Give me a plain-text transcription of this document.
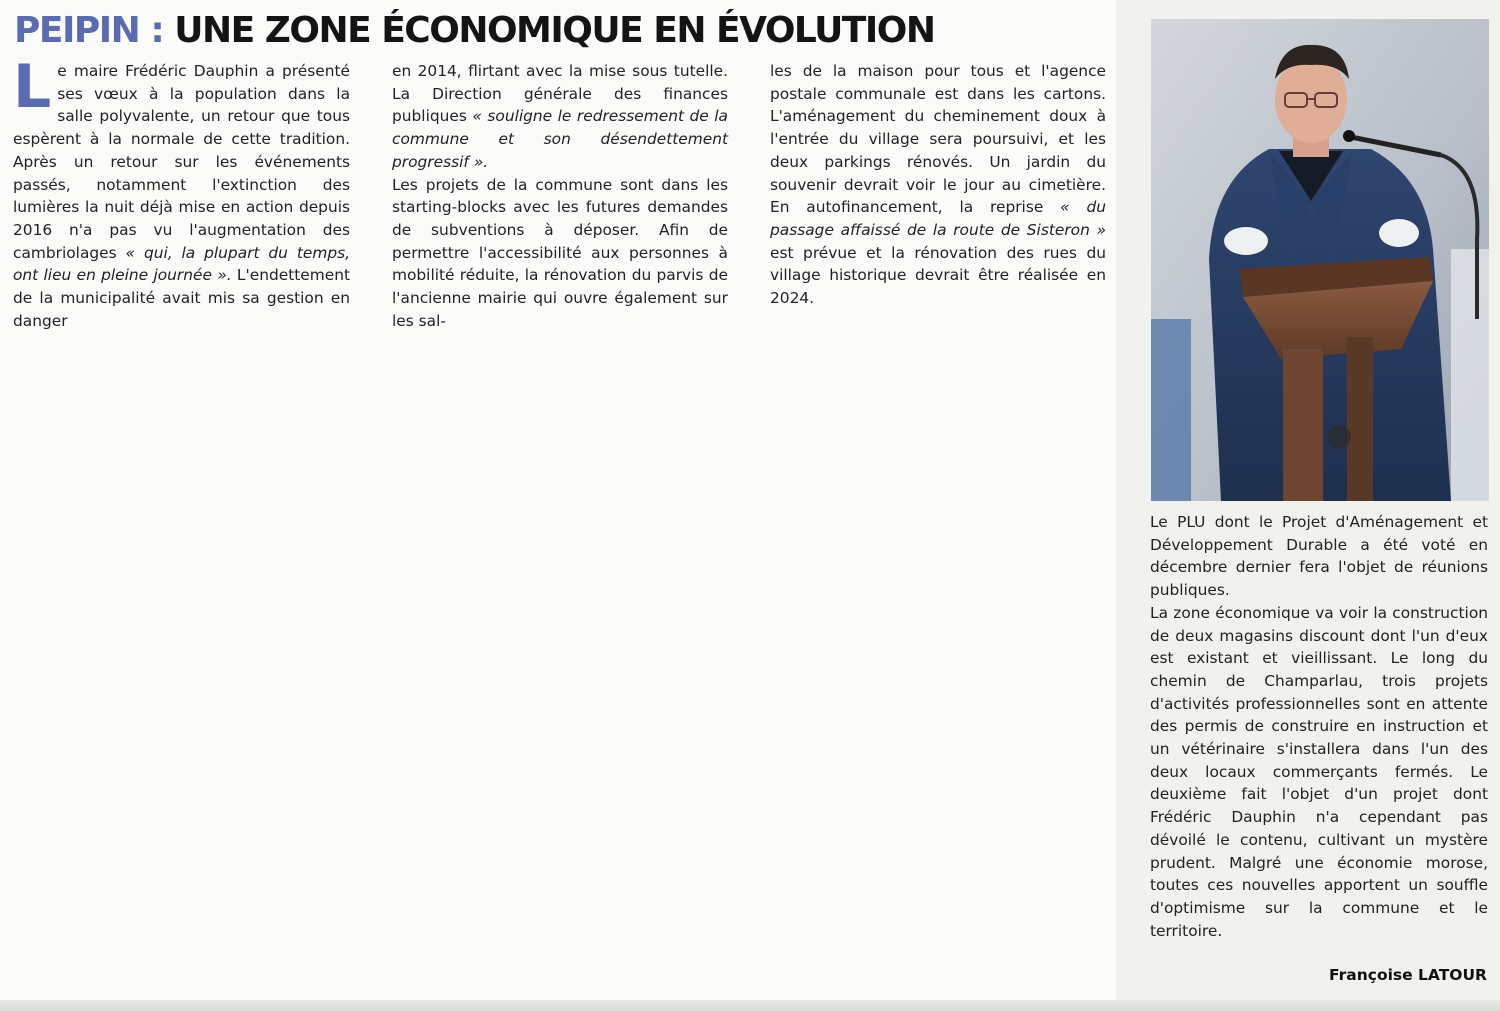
PEIPIN : UNE ZONE ÉCONOMIQUE EN ÉVOLUTION

Le maire Frédéric Dauphin a présenté ses vœux à la population dans la salle polyvalente, un retour que tous espèrent à la normale de cette tradition. Après un retour sur les événements passés, notamment l'extinction des lumières la nuit déjà mise en action depuis 2016 n'a pas vu l'augmentation des cambriolages « qui, la plupart du temps, ont lieu en pleine journée ». L'endettement de la municipalité avait mis sa gestion en danger

en 2014, flirtant avec la mise sous tutelle. La Direction générale des finances publiques « souligne le redressement de la commune et son désendettement progressif ».

Les projets de la commune sont dans les starting-blocks avec les futures demandes de subventions à déposer. Afin de permettre l'accessibilité aux personnes à mobilité réduite, la rénovation du parvis de l'ancienne mairie qui ouvre également sur les sal-

les de la maison pour tous et l'agence postale communale est dans les cartons. L'aménagement du cheminement doux à l'entrée du village sera poursuivi, et les deux parkings rénovés. Un jardin du souvenir devrait voir le jour au cimetière. En autofinancement, la reprise « du passage affaissé de la route de Sisteron » est prévue et la rénovation des rues du village historique devrait être réalisée en 2024.

Le PLU dont le Projet d'Aménagement et Développement Durable a été voté en décembre dernier fera l'objet de réunions publiques.

La zone économique va voir la construction de deux magasins discount dont l'un d'eux est existant et vieillissant. Le long du chemin de Champarlau, trois projets d'activités professionnelles sont en attente des permis de construire en instruction et un vétérinaire s'installera dans l'un des deux locaux commerçants fermés. Le deuxième fait l'objet d'un projet dont Frédéric Dauphin n'a cependant pas dévoilé le contenu, cultivant un mystère prudent. Malgré une économie morose, toutes ces nouvelles apportent un souffle d'optimisme sur la commune et le territoire.

Françoise LATOUR
